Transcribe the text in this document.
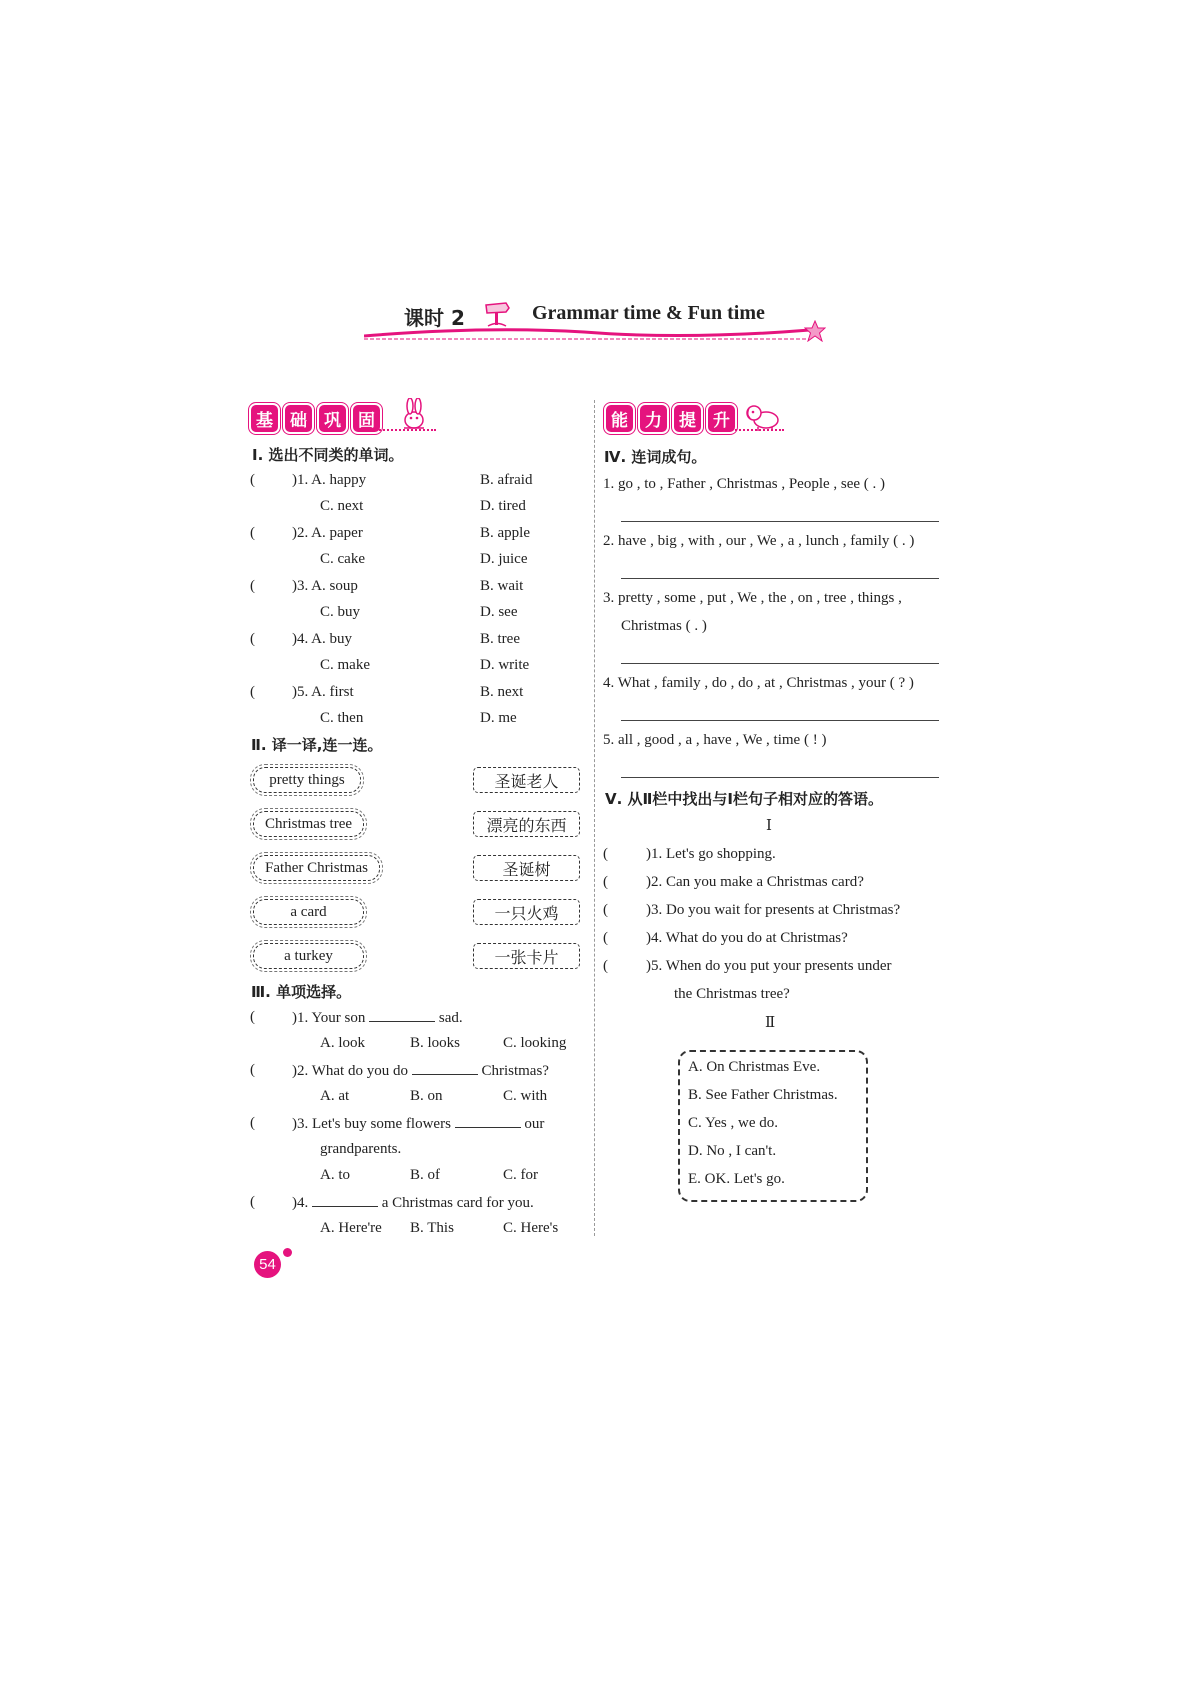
课时 2	Grammar time & Fun time
基	础	巩	固	能	力	提	升
Ⅰ. 选出不同类的单词。
( )1. A. happy	B. afraid
C. next	D. tired
( )2. A. paper	B. apple
C. cake	D. juice
( )3. A. soup	B. wait
C. buy	D. see
( )4. A. buy	B. tree
C. make	D. write
( )5. A. first	B. next
C. then	D. me
Ⅱ. 译一译,连一连。
pretty things
Christmas tree
Father Christmas
a card
a turkey
圣诞老人
漂亮的东西
圣诞树
一只火鸡
一张卡片
Ⅲ. 单项选择。
( )1. Your son	sad.
A. look	B. looks	C. looking
( )2. What do you do	Christmas?
A. at	B. on	C. with
( )3. Let's buy some flowers	our
grandparents.
A. to	B. of	C. for
( )4.	a Christmas card for you.
A. Here're B. This	C. Here's
Ⅳ. 连词成句。
1. go , to , Father , Christmas , People , see ( . )
2. have , big , with , our , We , a , lunch , family ( . )
3. pretty , some , put , We , the , on , tree , things ,
Christmas ( . )
4. What , family , do , do , at , Christmas , your ( ? )
5. all , good , a , have , We , time ( ! )
Ⅴ. 从Ⅱ栏中找出与Ⅰ栏句子相对应的答语。
Ⅰ
(	)1. Let's go shopping.
(	)2. Can you make a Christmas card?
(	)3. Do you wait for presents at Christmas?
(	)4. What do you do at Christmas?
(	)5. When do you put your presents under
the Christmas tree?
Ⅱ
A. On Christmas Eve.
B. See Father Christmas.
C. Yes , we do.
D. No , I can't.
E. OK. Let's go.
54
